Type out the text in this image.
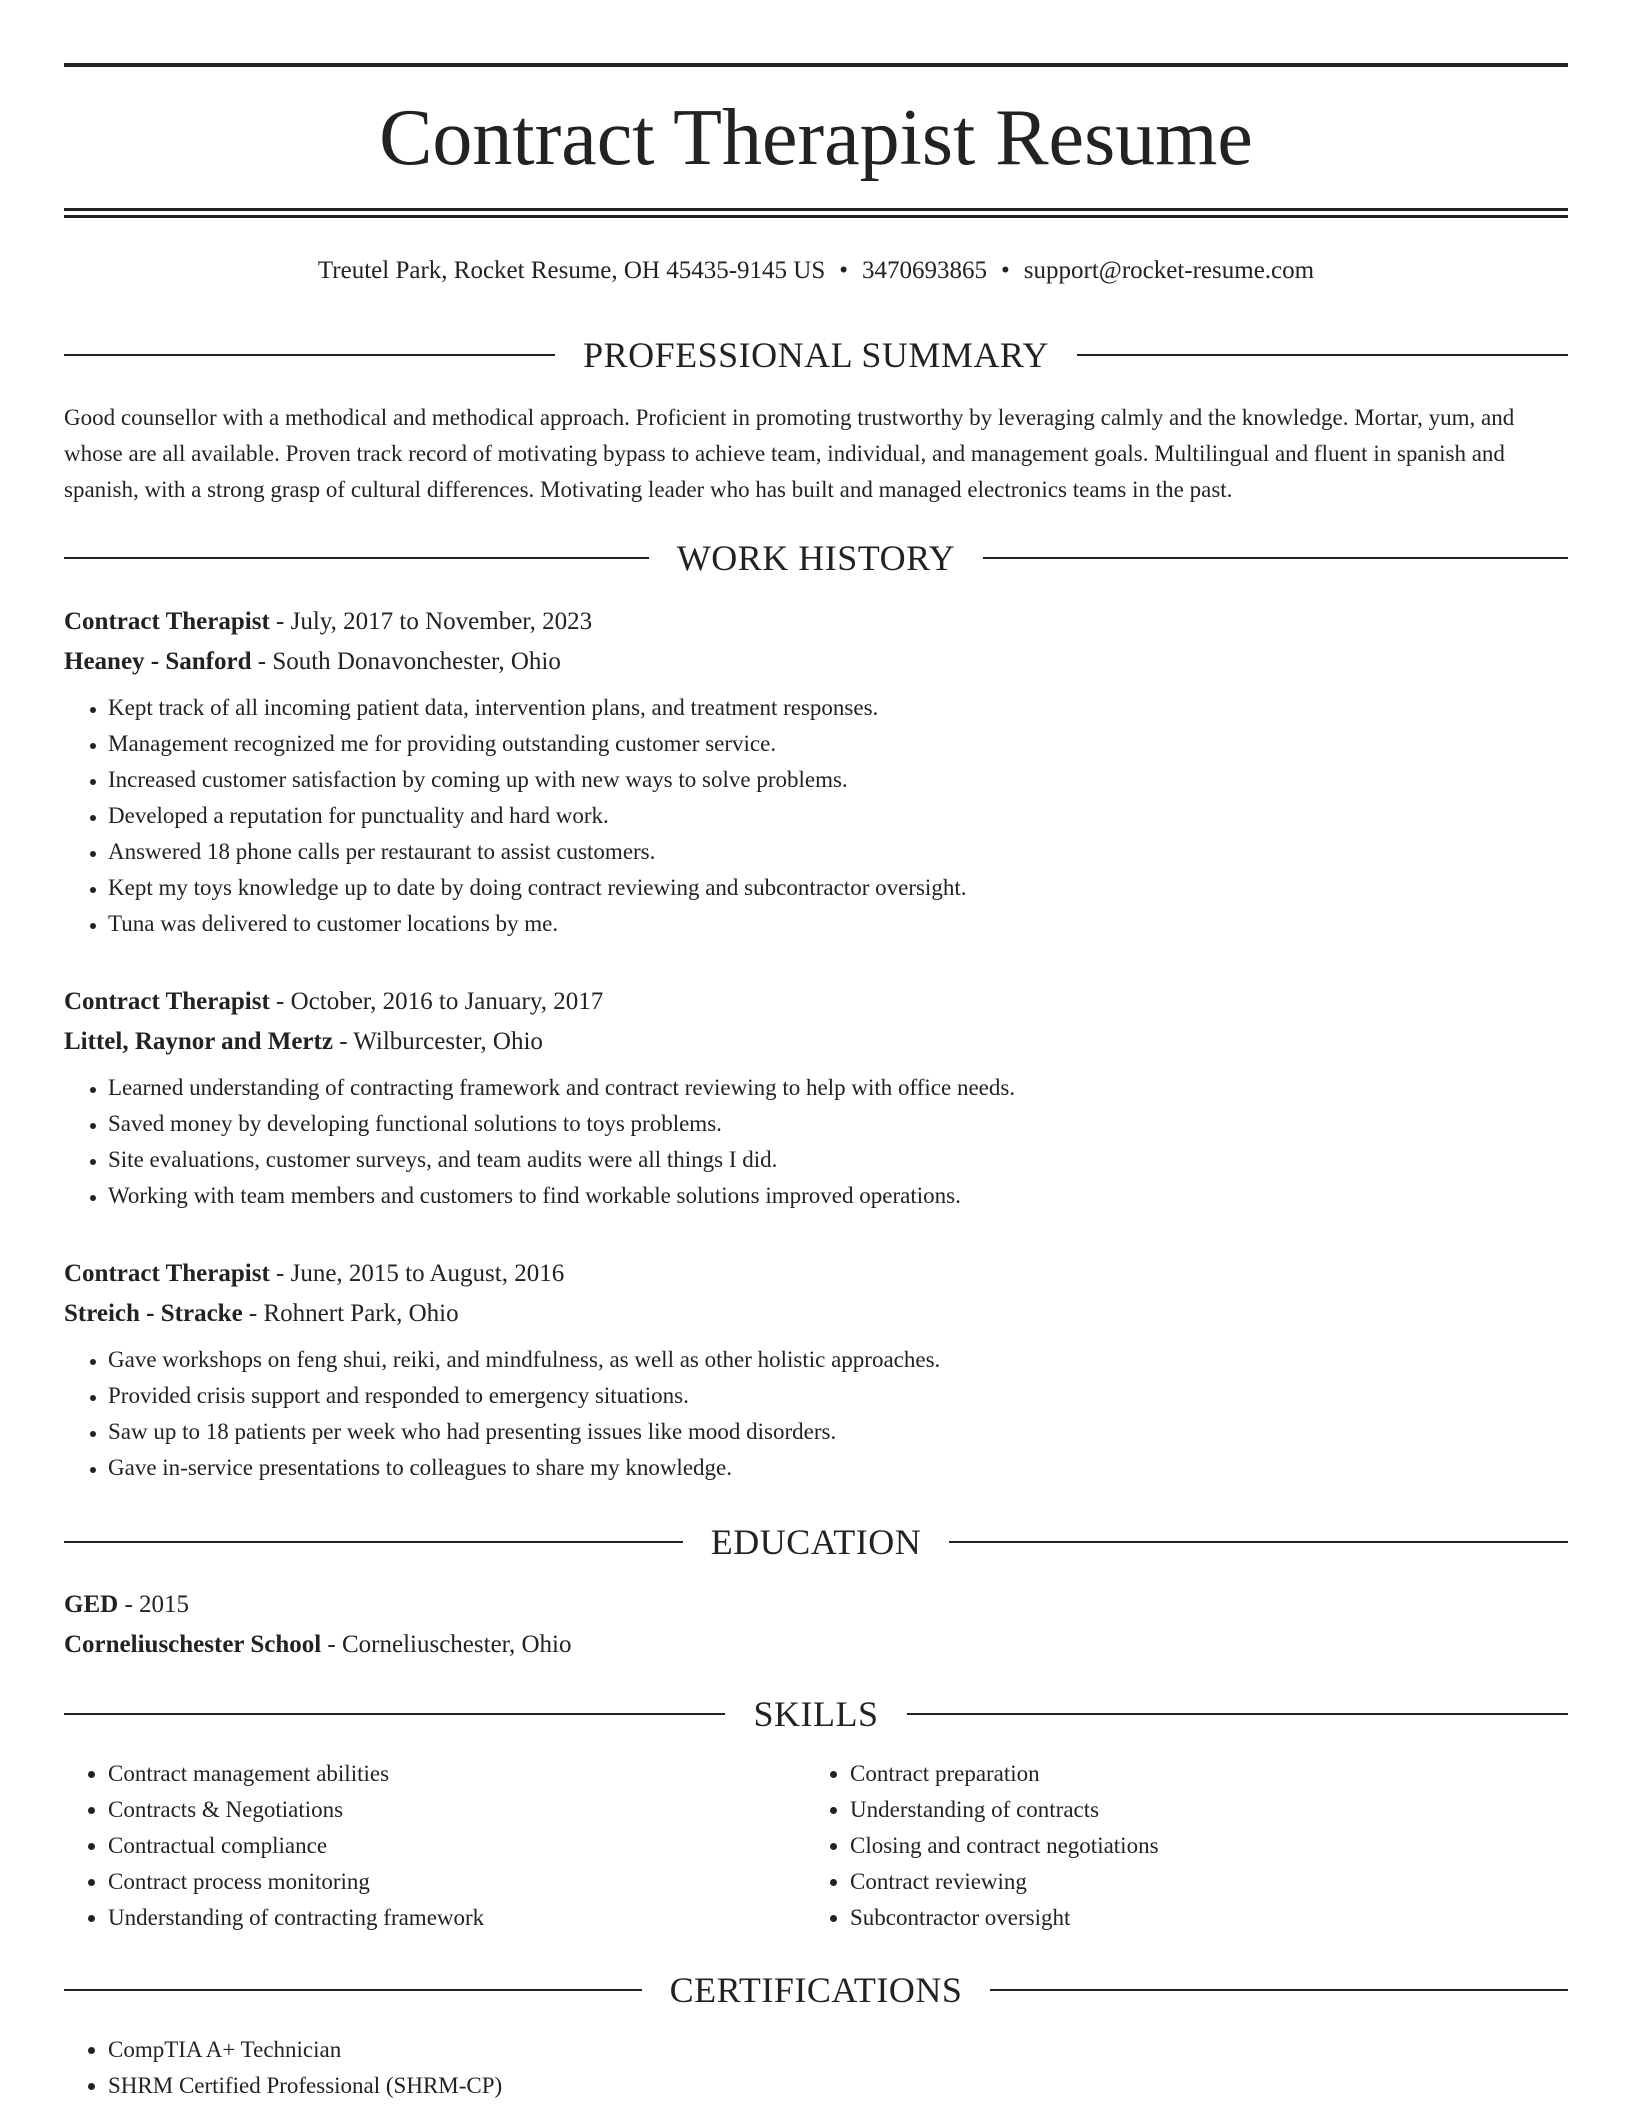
Contract Therapist Resume
Treutel Park, Rocket Resume, OH 45435-9145 US • 3470693865 • support@rocket-resume.com
PROFESSIONAL SUMMARY

Good counsellor with a methodical and methodical approach. Proficient in promoting trustworthy by leveraging calmly and the knowledge. Mortar, yum, and whose are all available. Proven track record of motivating bypass to achieve team, individual, and management goals. Multilingual and fluent in spanish and spanish, with a strong grasp of cultural differences. Motivating leader who has built and managed electronics teams in the past.

WORK HISTORY
Contract Therapist - July, 2017 to November, 2023
Heaney - Sanford - South Donavonchester, Ohio
• Kept track of all incoming patient data, intervention plans, and treatment responses.
• Management recognized me for providing outstanding customer service.
• Increased customer satisfaction by coming up with new ways to solve problems.
• Developed a reputation for punctuality and hard work.
• Answered 18 phone calls per restaurant to assist customers.
• Kept my toys knowledge up to date by doing contract reviewing and subcontractor oversight.
• Tuna was delivered to customer locations by me.
Contract Therapist - October, 2016 to January, 2017
Littel, Raynor and Mertz - Wilburcester, Ohio
• Learned understanding of contracting framework and contract reviewing to help with office needs.
• Saved money by developing functional solutions to toys problems.
• Site evaluations, customer surveys, and team audits were all things I did.
• Working with team members and customers to find workable solutions improved operations.
Contract Therapist - June, 2015 to August, 2016
Streich - Stracke - Rohnert Park, Ohio
• Gave workshops on feng shui, reiki, and mindfulness, as well as other holistic approaches.
• Provided crisis support and responded to emergency situations.
• Saw up to 18 patients per week who had presenting issues like mood disorders.
• Gave in-service presentations to colleagues to share my knowledge.
EDUCATION
GED - 2015
Corneliuschester School - Corneliuschester, Ohio
SKILLS
• Contract management abilities
• Contracts & Negotiations
• Contractual compliance
• Contract process monitoring
• Understanding of contracting framework
• Contract preparation
• Understanding of contracts
• Closing and contract negotiations
• Contract reviewing
• Subcontractor oversight
CERTIFICATIONS
• CompTIA A+ Technician
• SHRM Certified Professional (SHRM-CP)
